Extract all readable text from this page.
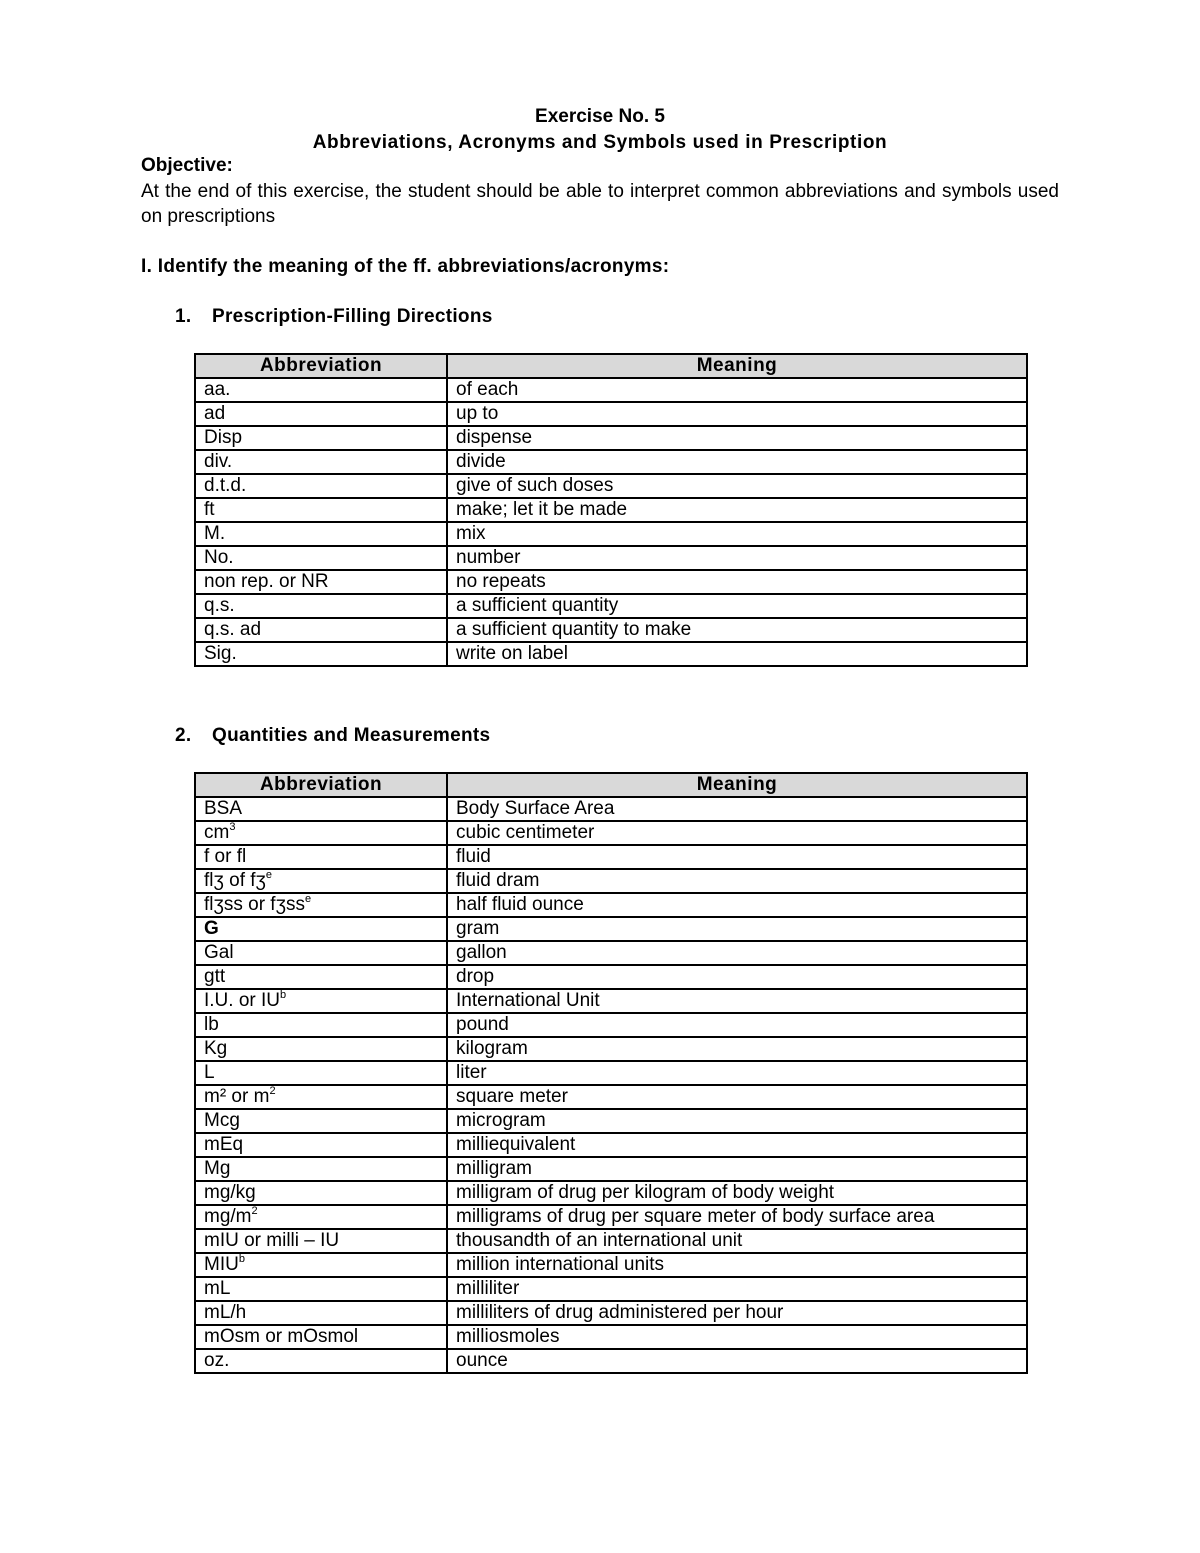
Exercise No. 5
Abbreviations, Acronyms and Symbols used in Prescription

Objective:

At the end of this exercise, the student should be able to interpret common abbreviations and symbols used on prescriptions

I. Identify the meaning of the ff. abbreviations/acronyms:

1. Prescription-Filling Directions

Abbreviation	Meaning
aa.	of each
ad	up to
Disp	dispense
div.	divide
d.t.d.	give of such doses
ft	make; let it be made
M.	mix
No.	number
non rep. or NR	no repeats
q.s.	a sufficient quantity
q.s. ad	a sufficient quantity to make
Sig.	write on label

2. Quantities and Measurements

Abbreviation	Meaning
BSA	Body Surface Area
$cm^3$	cubic centimeter
f or fl	fluid
flʒ of fʒ$^e$	fluid dram
flʒss or fʒss$^e$	half fluid ounce
G	gram
Gal	gallon
gtt	drop
I.U. or $IU^b$	International Unit
lb	pound
Kg	kilogram
L	liter
m² or $m^2$	square meter
Mcg	microgram
mEq	milliequivalent
Mg	milligram
mg/kg	milligram of drug per kilogram of body weight
$mg/m^2$	milligrams of drug per square meter of body surface area
mIU or milli – IU	thousandth of an international unit
MIU$^b$	million international units
mL	milliliter
mL/h	milliliters of drug administered per hour
mOsm or mOsmol	milliosmoles
oz.	ounce
